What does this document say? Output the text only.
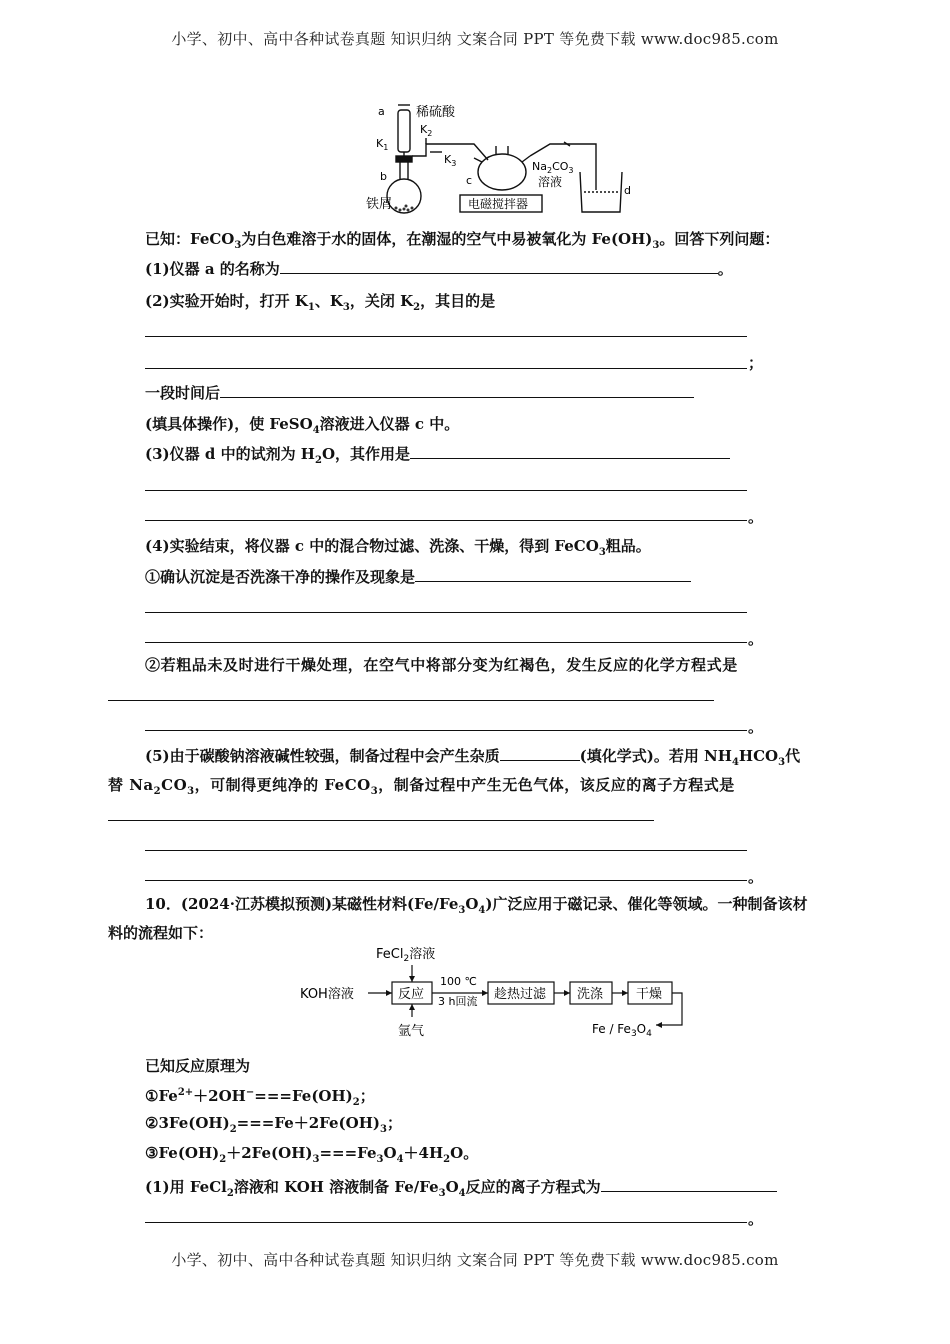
小学、初中、高中各种试卷真题 知识归纳 文案合同 PPT 等免费下载 www.doc985.com
a 稀硫酸
$K_1$
$K_2$
$K_3$
b
铁屑
c
$Na_2CO_3$
溶液
电磁搅拌器
d
已知：FeCO$_3$为白色难溶于水的固体，在潮湿的空气中易被氧化为 $Fe(OH)_3$。回答下列问题：
(1)仪器 a 的名称为	。
(2)实验开始时，打开 $K_1$、$K_3$，关闭 $K_2$，其目的是
；
一段时间后
(填具体操作)，使 FeSO$_4$溶液进入仪器 c 中。
(3)仪器 d 中的试剂为 $H_2O$，其作用是
。
(4)实验结束，将仪器 c 中的混合物过滤、洗涤、干燥，得到 FeCO$_3$粗品。
①确认沉淀是否洗涤干净的操作及现象是
。
②若粗品未及时进行干燥处理，在空气中将部分变为红褐色，发生反应的化学方程式是
。
(5)由于碳酸钠溶液碱性较强，制备过程中会产生杂质	(填化学式)。若用 $NH_4HCO_3$代
替 $Na_2CO_3$，可制得更纯净的 FeCO$_3$，制备过程中产生无色气体，该反应的离子方程式是
。
10．(2024·江苏模拟预测)某磁性材料$(Fe/Fe_3O_4)$广泛应用于磁记录、催化等领域。一种制备该材
料的流程如下：
FeCl$_2$溶液
KOH溶液	反应
100 ℃
3 h回流 趁热过滤 洗涤	干燥
氩气	Fe / $Fe_3O_4$
已知反应原理为
$①Fe^{2+}+2OH^-===Fe(OH)_2$；
$②3Fe(OH)_2===Fe+2Fe(OH)_3$；
$③Fe(OH)_2+2Fe(OH)_3===Fe_3O_4+4H_2O$。
(1)用 FeCl$_2$溶液和 KOH 溶液制备 $Fe/Fe_3O_4$反应的离子方程式为
。
小学、初中、高中各种试卷真题 知识归纳 文案合同 PPT 等免费下载 www.doc985.com
